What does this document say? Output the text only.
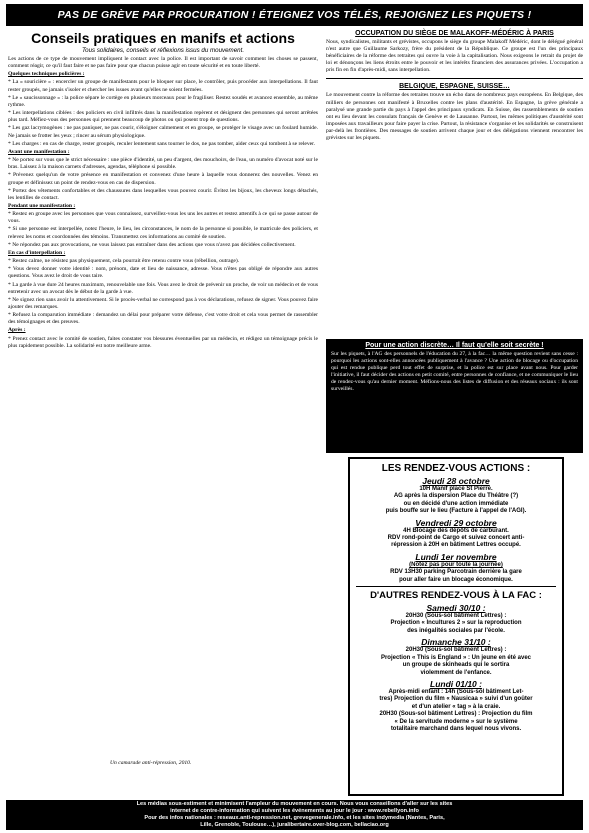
PAS DE GRÈVE PAR PROCURATION ! ÉTEIGNEZ VOS TÉLÉS, REJOIGNEZ LES PIQUETS !
Conseils pratiques en manifs et actions
Tous solidaires, conseils et réflexions issus du mouvement.

Les actions de ce type de mouvement impliquent le contact avec la police. Il est important de savoir comment les choses se passent, comment réagir, ce qu'il faut faire et ne pas faire pour que chacun puisse agir en toute sécurité et en toute liberté.

Quelques techniques policières :

* La « souricière » : encercler un groupe de manifestants pour le bloquer sur place, le contrôler, puis procéder aux interpellations. Il faut rester groupés, ne jamais s'isoler et chercher les issues avant qu'elles ne soient fermées.

* Le « saucissonnage » : la police sépare le cortège en plusieurs morceaux pour le fragiliser. Restez soudés et avancez ensemble, au même rythme.

* Les interpellations ciblées : des policiers en civil infiltrés dans la manifestation repèrent et désignent des personnes qui seront arrêtées plus tard. Méfiez-vous des personnes qui prennent beaucoup de photos ou qui posent trop de questions.

* Les gaz lacrymogènes : ne pas paniquer, ne pas courir, s'éloigner calmement et en groupe, se protéger le visage avec un foulard humide. Ne jamais se frotter les yeux ; rincer au sérum physiologique.

* Les charges : en cas de charge, rester groupés, reculer lentement sans tourner le dos, ne pas tomber, aider ceux qui tombent à se relever.

Avant une manifestation :

* Ne portez sur vous que le strict nécessaire : une pièce d'identité, un peu d'argent, des mouchoirs, de l'eau, un numéro d'avocat noté sur le bras. Laissez à la maison carnets d'adresses, agendas, téléphone si possible.

* Prévenez quelqu'un de votre présence en manifestation et convenez d'une heure à laquelle vous donnerez des nouvelles. Venez en groupe et définissez un point de rendez-vous en cas de dispersion.

* Portez des vêtements confortables et des chaussures dans lesquelles vous pouvez courir. Évitez les bijoux, les cheveux longs détachés, les lentilles de contact.

Pendant une manifestation :

* Restez en groupe avec les personnes que vous connaissez, surveillez-vous les uns les autres et restez attentifs à ce qui se passe autour de vous.

* Si une personne est interpellée, notez l'heure, le lieu, les circonstances, le nom de la personne si possible, le matricule des policiers, et relevez les noms et coordonnées des témoins. Transmettez ces informations au comité de soutien.

* Ne répondez pas aux provocations, ne vous laissez pas entraîner dans des actions que vous n'avez pas décidées collectivement.

En cas d'interpellation :

* Restez calme, ne résistez pas physiquement, cela pourrait être retenu contre vous (rébellion, outrage).

* Vous devez donner votre identité : nom, prénom, date et lieu de naissance, adresse. Vous n'êtes pas obligé de répondre aux autres questions. Vous avez le droit de vous taire.

* La garde à vue dure 24 heures maximum, renouvelable une fois. Vous avez le droit de prévenir un proche, de voir un médecin et de vous entretenir avec un avocat dès le début de la garde à vue.

* Ne signez rien sans avoir lu attentivement. Si le procès-verbal ne correspond pas à vos déclarations, refusez de signer. Vous pouvez faire ajouter des remarques.

* Refusez la comparution immédiate : demandez un délai pour préparer votre défense, c'est votre droit et cela vous permet de rassembler des témoignages et des preuves.

Après :

* Prenez contact avec le comité de soutien, faites constater vos blessures éventuelles par un médecin, et rédigez un témoignage précis le plus rapidement possible. La solidarité est notre meilleure arme.

Un camarade anti-répression, 2010.
OCCUPATION DU SIÈGE DE MALAKOFF-MÉDÉRIC À PARIS
Nous, syndicalistes, militants et grévistes, occupons le siège du groupe Malakoff Médéric, dont le délégué général n'est autre que Guillaume Sarkozy, frère du président de la République. Ce groupe est l'un des principaux bénéficiaires de la réforme des retraites qui ouvre la voie à la capitalisation. Nous exigeons le retrait du projet de loi et dénonçons les liens étroits entre le pouvoir et les intérêts financiers des assurances privées. L'occupation a pris fin en fin d'après-midi, sans interpellation.
BELGIQUE, ESPAGNE, SUISSE…
Le mouvement contre la réforme des retraites trouve un écho dans de nombreux pays européens. En Belgique, des milliers de personnes ont manifesté à Bruxelles contre les plans d'austérité. En Espagne, la grève générale a paralysé une grande partie du pays à l'appel des principaux syndicats. En Suisse, des rassemblements de soutien ont eu lieu devant les consulats français de Genève et de Lausanne. Partout, les mêmes politiques d'austérité sont imposées aux travailleurs pour faire payer la crise. Partout, la résistance s'organise et les solidarités se construisent par-delà les frontières. Des messages de soutien arrivent chaque jour et des délégations viennent rencontrer les grévistes sur les piquets.
Pour une action discrète… Il faut qu'elle soit secrète !
Sur les piquets, à l'AG des personnels de l'éducation du 27, à la fac… la même question revient sans cesse : pourquoi les actions sont-elles annoncées publiquement à l'avance ? Une action de blocage ou d'occupation qui est rendue publique perd tout effet de surprise, et la police est sur place avant nous. Pour garder l'initiative, il faut décider des actions en petit comité, entre personnes de confiance, et ne communiquer le lieu de rendez-vous qu'au dernier moment. Méfions-nous des listes de diffusion et des réseaux sociaux : ils sont surveillés.
LES RENDEZ-VOUS ACTIONS :
Jeudi 28 octobre
10H Manif place St Pierre.
AG après la dispersion Place du Théâtre (?)
ou en décidé d'une action immédiate
puis bouffe sur le lieu (Facture à l'appel de l'AGI).
Vendredi 29 octobre
4H Blocage des dépôts de carburant.
RDV rond-point de Cargo et suivez concert anti-
répression à 20H en bâtiment Lettres occupé.
Lundi 1er novembre
(Notez pas pour toute la journée)
RDV 13H30 parking Parcotrain derrière la gare
pour aller faire un blocage économique.
D'AUTRES RENDEZ-VOUS À LA FAC :
Samedi 30/10 :
20H30 (Sous-sol bâtiment Lettres) :
Projection « Incultures 2 » sur la reproduction
des inégalités sociales par l'école.
Dimanche 31/10 :
20H30 (Sous-sol bâtiment Lettres) :
Projection « This is England » : Un jeune en été avec
un groupe de skinheads qui le sortira
violemment de l'enfance.
Lundi 01/10 :
Après-midi enfant : 14h (Sous-sol bâtiment Let-
tres) Projection du film « Nausicaa » suivi d'un goûter
et d'un atelier « tag » à la craie.
20H30 (Sous-sol bâtiment Lettres) : Projection du film
« De la servitude moderne » sur le système
totalitaire marchand dans lequel nous vivons.
Les médias sous-estiment et minimisent l'ampleur du mouvement en cours. Nous vous conseillons d'aller sur les sites
internet de contre-information qui suivent les événements au jour le jour : www.rebellyon.info
Pour des infos nationales : reseaux.anti-repression.net, grevegenerale.info, et les sites indymedia (Nantes, Paris,
Lille, Grenoble, Toulouse…), juralibertaire.over-blog.com, bellaciao.org
